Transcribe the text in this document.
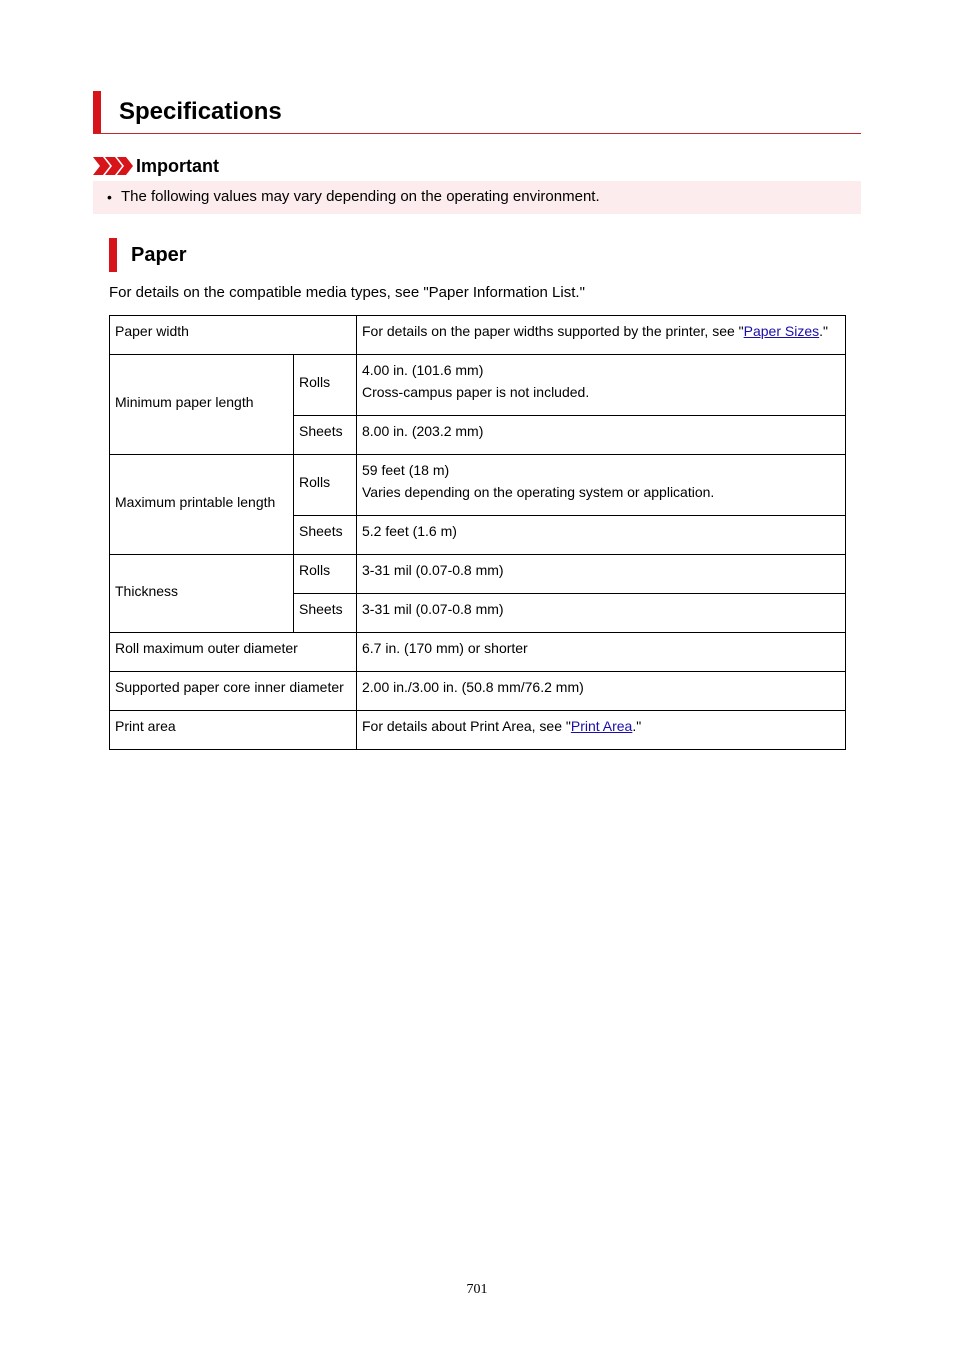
Specifications
Important
• The following values may vary depending on the operating environment.
Paper
For details on the compatible media types, see "Paper Information List."
Paper width		For details on the paper widths supported by the printer, see "Paper Sizes."
Minimum paper length	Rolls	4.00 in. (101.6 mm)
Cross-campus paper is not included.

	Sheets	8.00 in. (203.2 mm)
Maximum printable length	Rolls	59 feet (18 m)
Varies depending on the operating system or application.

	Sheets	5.2 feet (1.6 m)
Thickness	Rolls	3-31 mil (0.07-0.8 mm)
	Sheets	3-31 mil (0.07-0.8 mm)
Roll maximum outer diameter		6.7 in. (170 mm) or shorter
Supported paper core inner diameter		2.00 in./3.00 in. (50.8 mm/76.2 mm)
Print area		For details about Print Area, see "Print Area."
701
